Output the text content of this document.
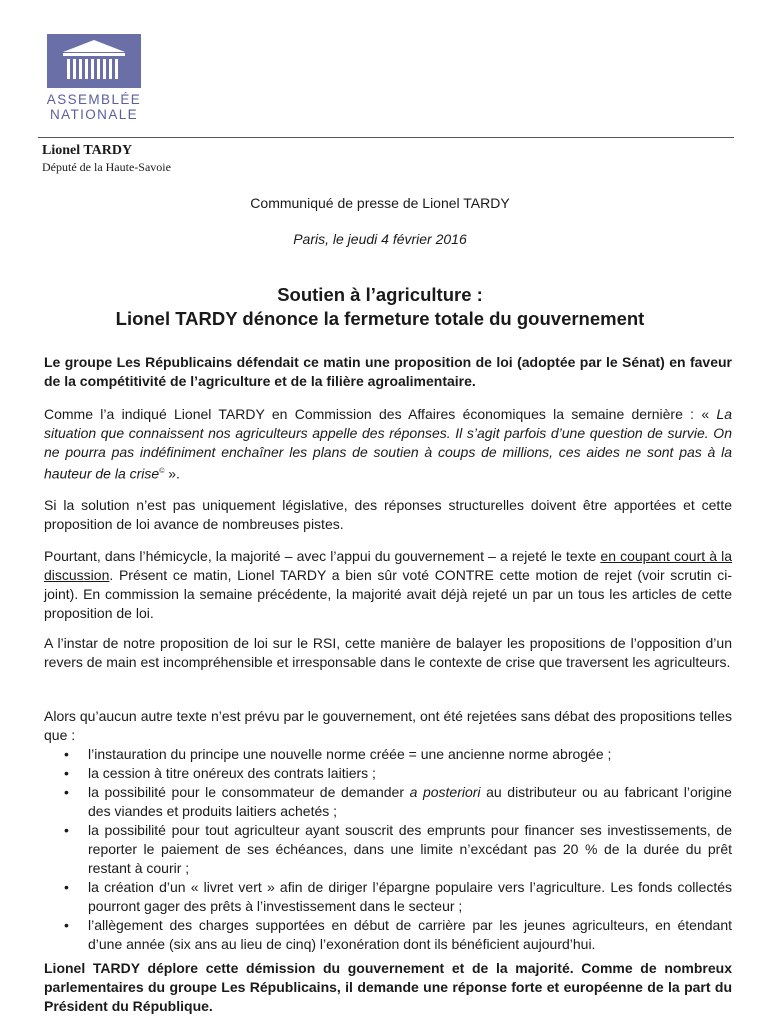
ASSEMBLÉE
NATIONALE
Lionel TARDY
Député de la Haute-Savoie
Communiqué de presse de Lionel TARDY
Paris, le jeudi 4 février 2016
Soutien à l’agriculture :
Lionel TARDY dénonce la fermeture totale du gouvernement

Le groupe Les Républicains défendait ce matin une proposition de loi (adoptée par le Sénat) en faveur de la compétitivité de l’agriculture et de la filière agroalimentaire.

Comme l’a indiqué Lionel TARDY en Commission des Affaires économiques la semaine dernière : « La situation que connaissent nos agriculteurs appelle des réponses. Il s’agit parfois d’une question de survie. On ne pourra pas indéfiniment enchaîner les plans de soutien à coups de millions, ces aides ne sont pas à la hauteur de la crise© ».

Si la solution n’est pas uniquement législative, des réponses structurelles doivent être apportées et cette proposition de loi avance de nombreuses pistes.

Pourtant, dans l’hémicycle, la majorité – avec l’appui du gouvernement – a rejeté le texte en coupant court à la discussion. Présent ce matin, Lionel TARDY a bien sûr voté CONTRE cette motion de rejet (voir scrutin ci-joint). En commission la semaine précédente, la majorité avait déjà rejeté un par un tous les articles de cette proposition de loi.

A l’instar de notre proposition de loi sur le RSI, cette manière de balayer les propositions de l’opposition d’un revers de main est incompréhensible et irresponsable dans le contexte de crise que traversent les agriculteurs.

Alors qu’aucun autre texte n’est prévu par le gouvernement, ont été rejetées sans débat des propositions telles que :

• l’instauration du principe une nouvelle norme créée = une ancienne norme abrogée ;
• la cession à titre onéreux des contrats laitiers ;
• la possibilité pour le consommateur de demander a posteriori au distributeur ou au fabricant l’origine des viandes et produits laitiers achetés ;
• la possibilité pour tout agriculteur ayant souscrit des emprunts pour financer ses investissements, de reporter le paiement de ses échéances, dans une limite n’excédant pas 20 % de la durée du prêt restant à courir ;
• la création d’un « livret vert » afin de diriger l’épargne populaire vers l’agriculture. Les fonds collectés pourront gager des prêts à l’investissement dans le secteur ;
• l’allègement des charges supportées en début de carrière par les jeunes agriculteurs, en étendant d’une année (six ans au lieu de cinq) l’exonération dont ils bénéficient aujourd’hui.

Lionel TARDY déplore cette démission du gouvernement et de la majorité. Comme de nombreux parlementaires du groupe Les Républicains, il demande une réponse forte et européenne de la part du Président du République.
